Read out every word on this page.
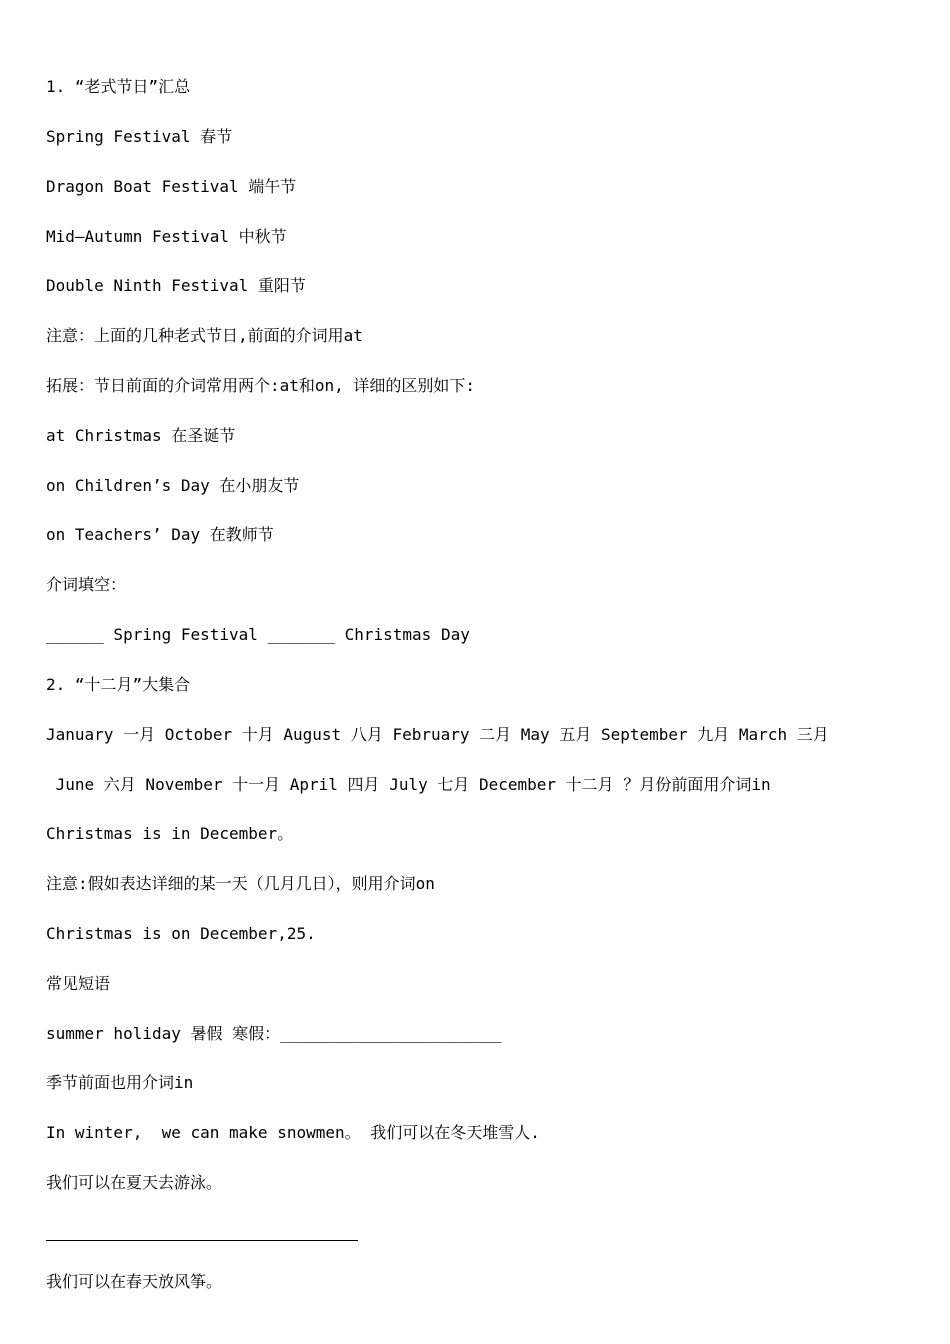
1. “老式节日”汇总
Spring Festival 春节
Dragon Boat Festival 端午节
Mid—Autumn Festival 中秋节
Double Ninth Festival 重阳节
注意：上面的几种老式节日,前面的介词用at
拓展：节日前面的介词常用两个:at和on, 详细的区别如下:
at Christmas 在圣诞节
on Children’s Day 在小朋友节
on Teachers’ Day 在教师节
介词填空：
______ Spring Festival _______ Christmas Day
2. “十二月”大集合
January 一月 October 十月 August 八月 February 二月 May 五月 September 九月 March 三月
June 六月 November 十一月 April 四月 July 七月 December 十二月 ？月份前面用介词in
Christmas is in December。
注意:假如表达详细的某一天（几月几日），则用介词on
Christmas is on December,25.
常见短语
summer holiday 暑假 寒假：_______________________
季节前面也用介词in
In winter,  we can make snowmen。 我们可以在冬天堆雪人.
我们可以在夏天去游泳。
我们可以在春天放风筝。
